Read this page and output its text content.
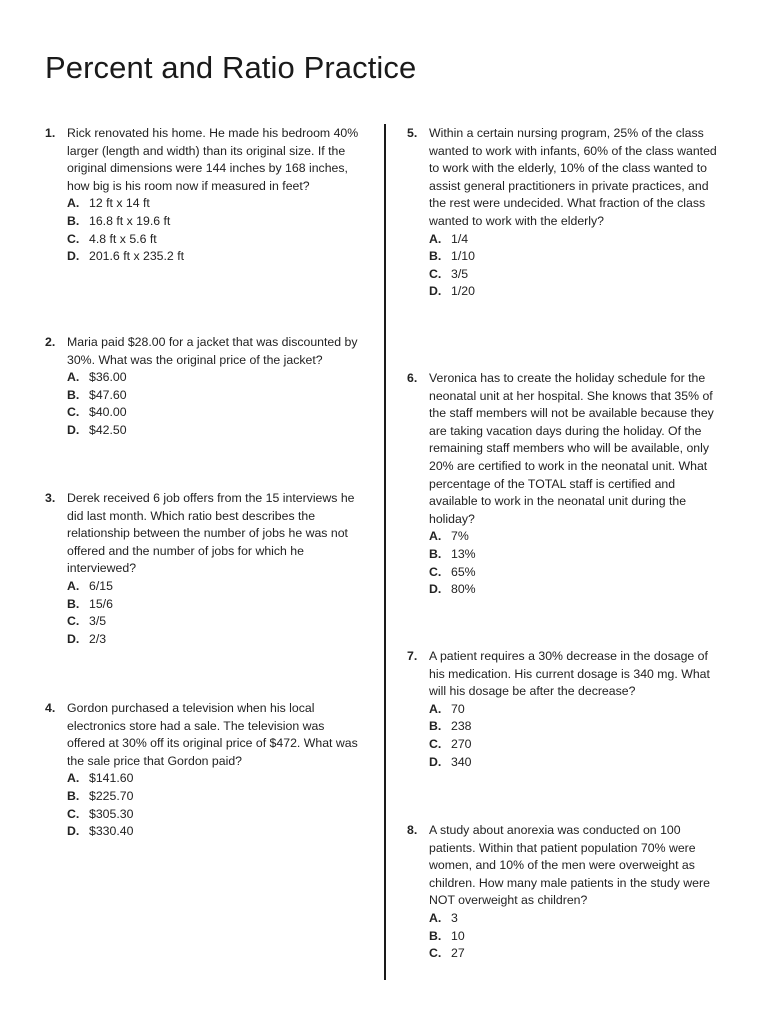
Percent and Ratio Practice
1. Rick renovated his home. He made his bedroom 40% larger (length and width) than its original size. If the original dimensions were 144 inches by 168 inches, how big is his room now if measured in feet?
A. 12 ft x 14 ft
B. 16.8 ft x 19.6 ft
C. 4.8 ft x 5.6 ft
D. 201.6 ft x 235.2 ft
2. Maria paid $28.00 for a jacket that was discounted by 30%. What was the original price of the jacket?
A. $36.00
B. $47.60
C. $40.00
D. $42.50
3. Derek received 6 job offers from the 15 interviews he did last month. Which ratio best describes the relationship between the number of jobs he was not offered and the number of jobs for which he interviewed?
A. 6/15
B. 15/6
C. 3/5
D. 2/3
4. Gordon purchased a television when his local electronics store had a sale. The television was offered at 30% off its original price of $472. What was the sale price that Gordon paid?
A. $141.60
B. $225.70
C. $305.30
D. $330.40
5. Within a certain nursing program, 25% of the class wanted to work with infants, 60% of the class wanted to work with the elderly, 10% of the class wanted to assist general practitioners in private practices, and the rest were undecided. What fraction of the class wanted to work with the elderly?
A. 1/4
B. 1/10
C. 3/5
D. 1/20
6. Veronica has to create the holiday schedule for the neonatal unit at her hospital. She knows that 35% of the staff members will not be available because they are taking vacation days during the holiday. Of the remaining staff members who will be available, only 20% are certified to work in the neonatal unit. What percentage of the TOTAL staff is certified and available to work in the neonatal unit during the holiday?
A. 7%
B. 13%
C. 65%
D. 80%
7. A patient requires a 30% decrease in the dosage of his medication. His current dosage is 340 mg. What will his dosage be after the decrease?
A. 70
B. 238
C. 270
D. 340
8. A study about anorexia was conducted on 100 patients. Within that patient population 70% were women, and 10% of the men were overweight as children. How many male patients in the study were NOT overweight as children?
A. 3
B. 10
C. 27
